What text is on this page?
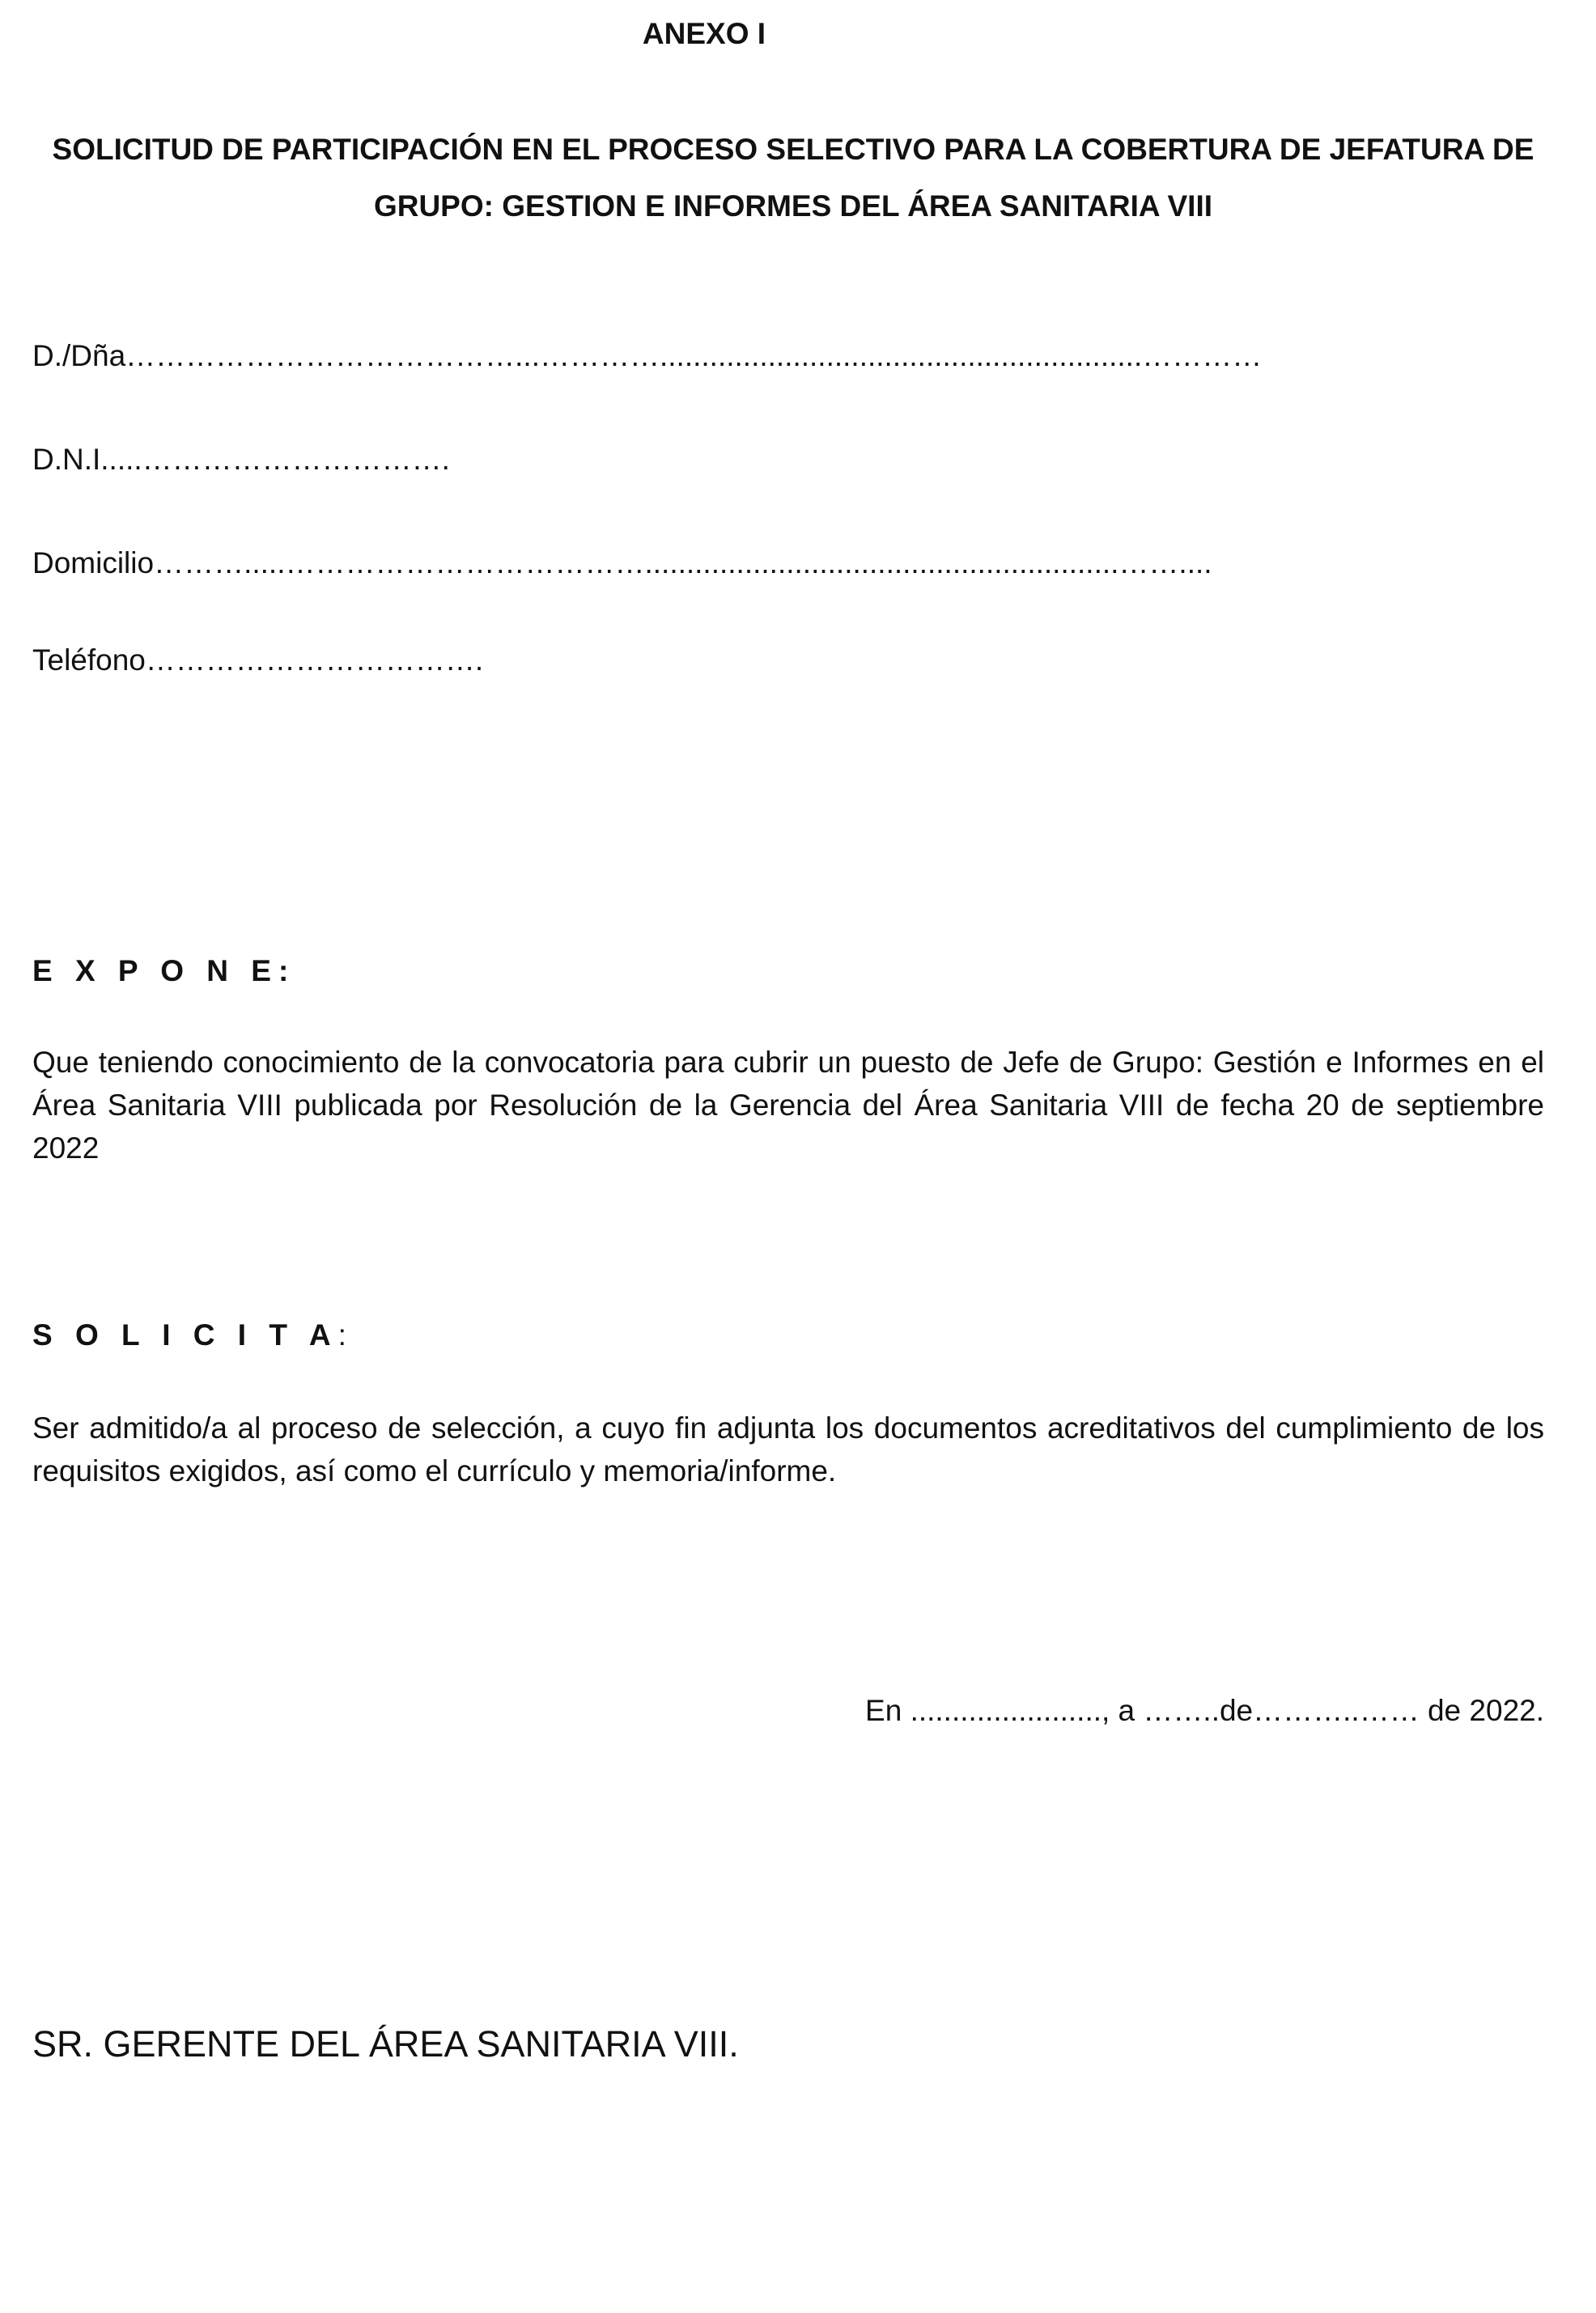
ANEXO I
SOLICITUD DE PARTICIPACIÓN EN EL PROCESO SELECTIVO PARA LA COBERTURA DE JEFATURA DE GRUPO: GESTION E INFORMES DEL ÁREA SANITARIA VIII
D./Dña…………………………………...…………..........................................................…………
D.N.I.....………………………….
Domicilio……….....……………………………….........................................................……....
Teléfono…………………………….
E X P O N E:
Que teniendo conocimiento de la convocatoria para cubrir un puesto de Jefe de Grupo: Gestión e Informes en el Área Sanitaria VIII publicada por Resolución de la Gerencia del Área Sanitaria VIII de fecha 20 de septiembre 2022
S O L I C I T A:
Ser admitido/a al proceso de selección, a cuyo fin adjunta los documentos acreditativos del cumplimiento de los requisitos exigidos, así como el currículo y memoria/informe.
En ......................., a ……..de………..…… de 2022.
SR. GERENTE DEL ÁREA SANITARIA VIII.
